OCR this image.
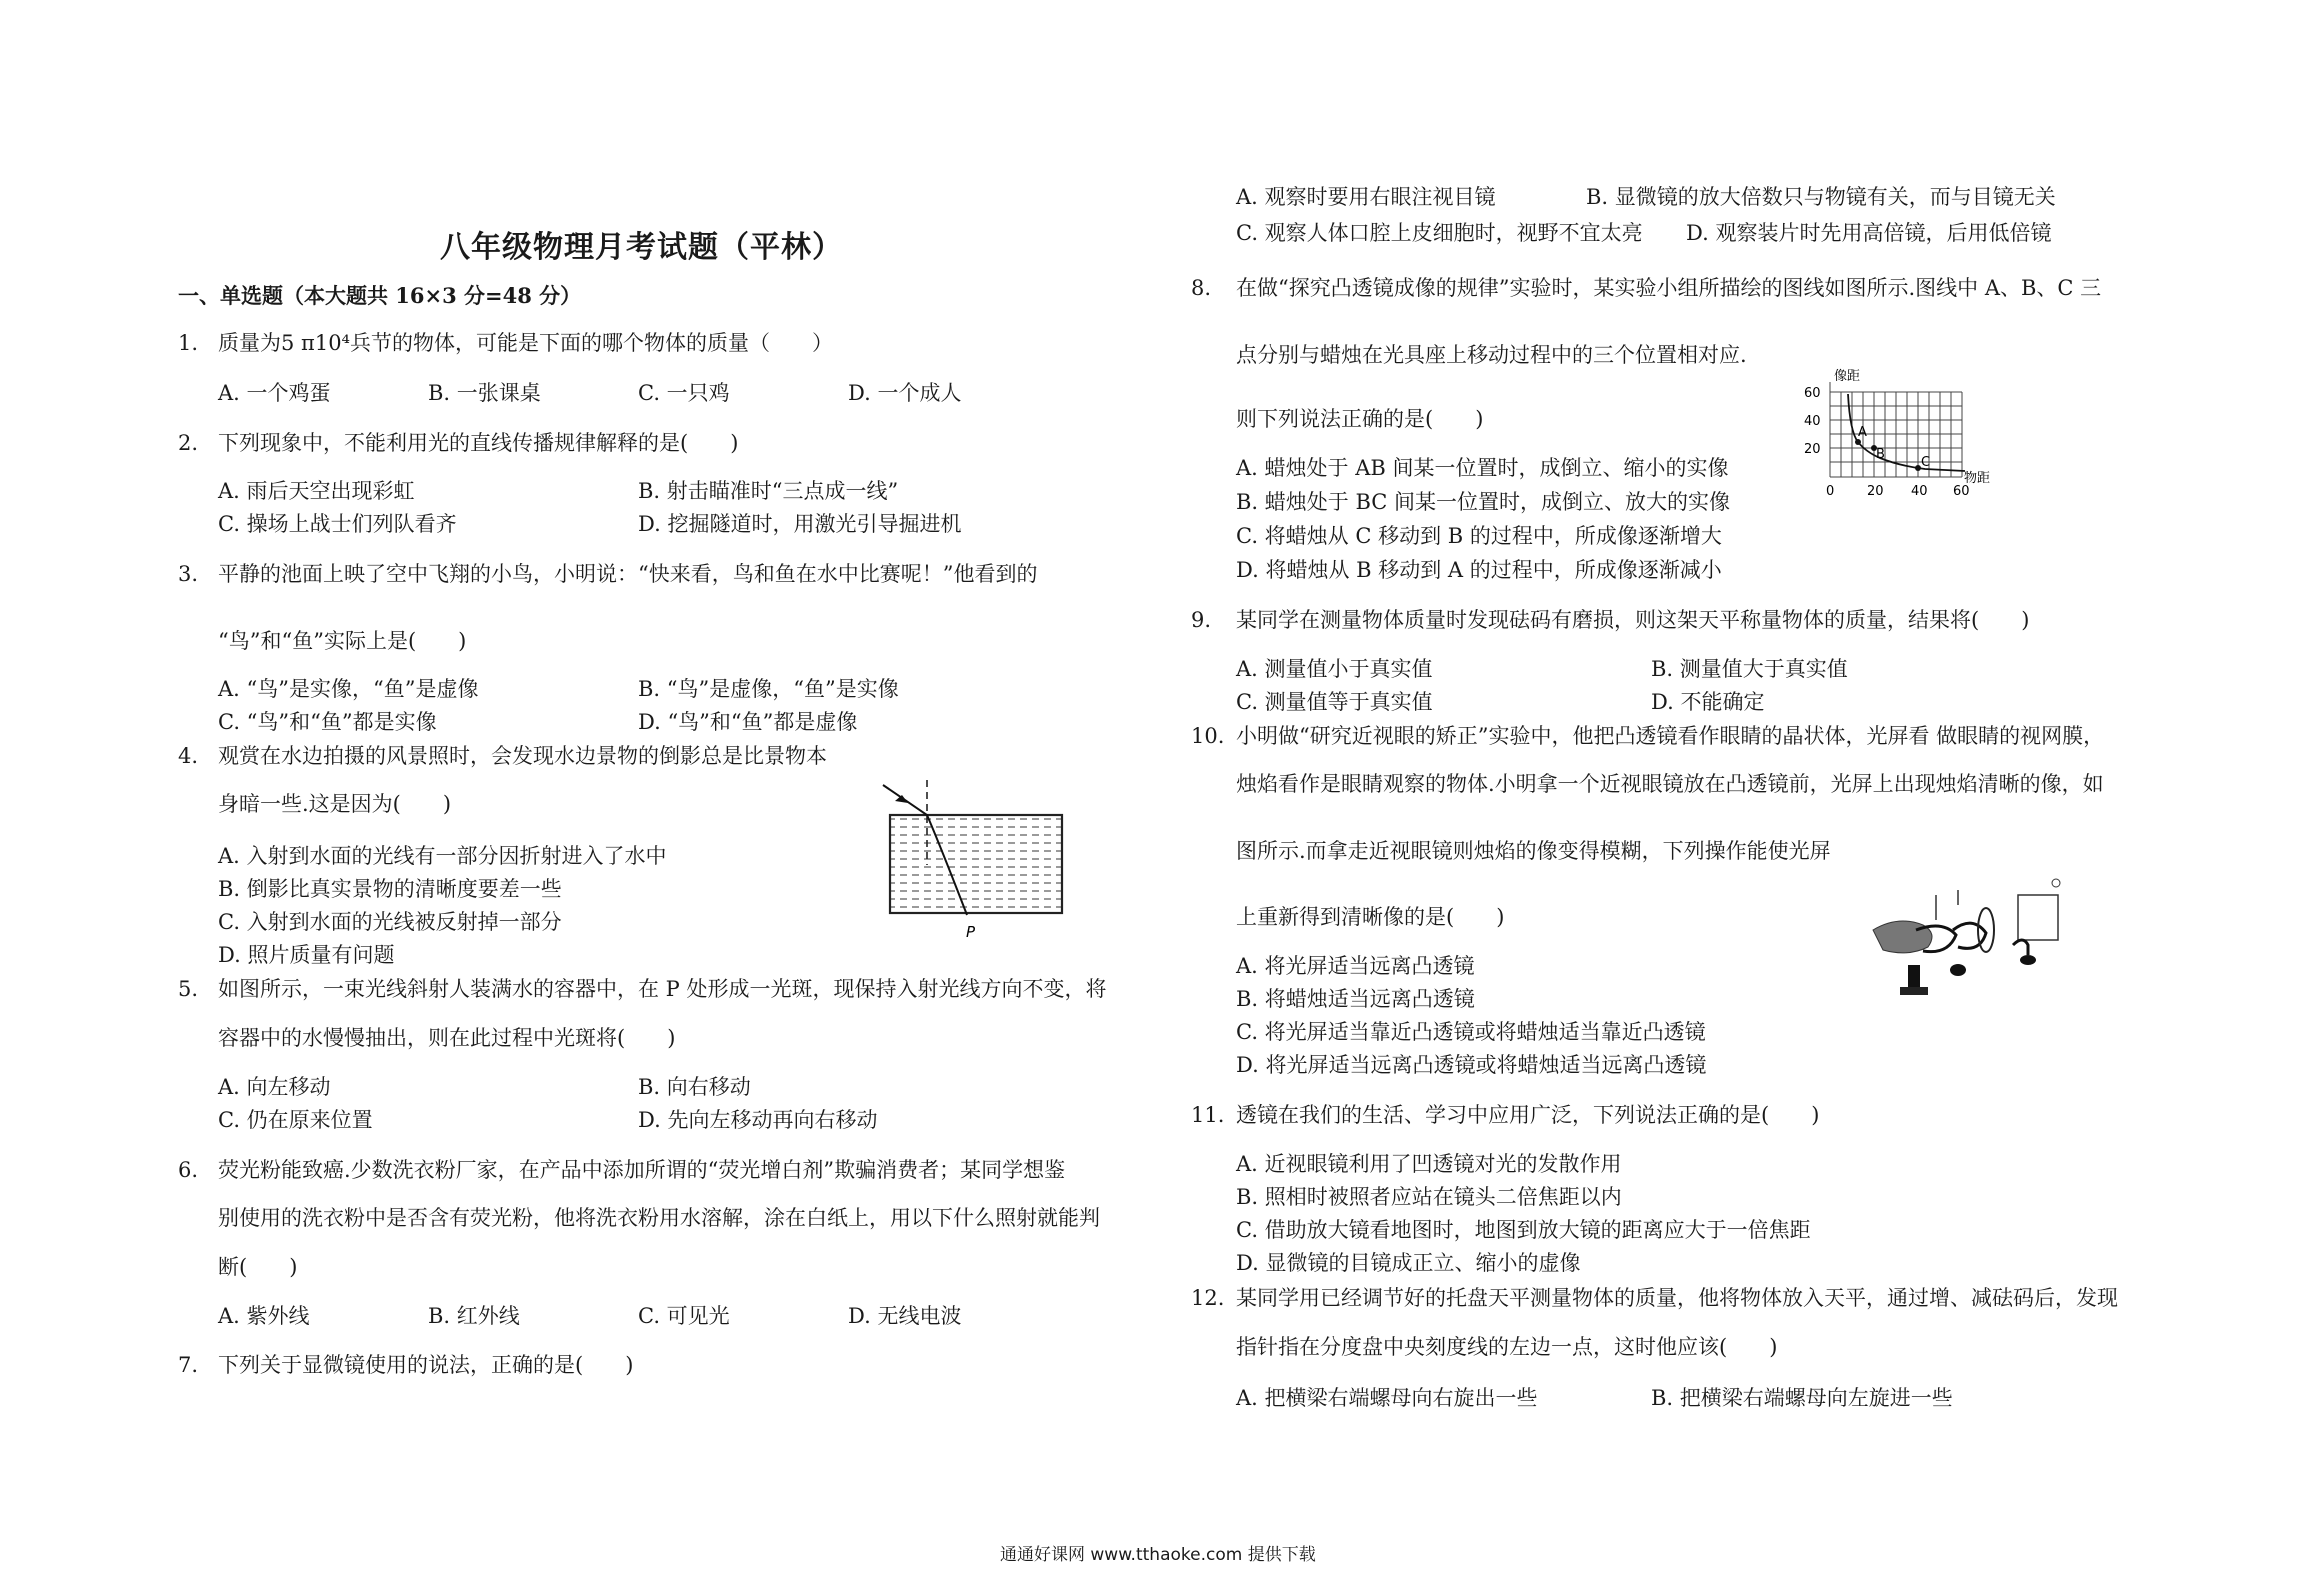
八年级物理月考试题（平林）
一、单选题（本大题共 16×3 分=48 分）
1. 质量为5 π10⁴兵节的物体，可能是下面的哪个物体的质量（　　）
A. 一个鸡蛋	B. 一张课桌	C. 一只鸡	D. 一个成人
2. 下列现象中，不能利用光的直线传播规律解释的是(　　)
A. 雨后天空出现彩虹	B. 射击瞄准时“三点成一线”
C. 操场上战士们列队看齐	D. 挖掘隧道时，用激光引导掘进机
3. 平静的池面上映了空中飞翔的小鸟，小明说：“快来看，鸟和鱼在水中比赛呢！”他看到的
“鸟”和“鱼”实际上是(　　)
A. “鸟”是实像，“鱼”是虚像	B. “鸟”是虚像，“鱼”是实像
C. “鸟”和“鱼”都是实像	D. “鸟”和“鱼”都是虚像
4. 观赏在水边拍摄的风景照时，会发现水边景物的倒影总是比景物本
身暗一些.这是因为(　　)
A. 入射到水面的光线有一部分因折射进入了水中
B. 倒影比真实景物的清晰度要差一些
C. 入射到水面的光线被反射掉一部分
D. 照片质量有问题
P
5. 如图所示，一束光线斜射人装满水的容器中，在 P 处形成一光斑，现保持入射光线方向不变，将
容器中的水慢慢抽出，则在此过程中光斑将(　　)
A. 向左移动	B. 向右移动
C. 仍在原来位置	D. 先向左移动再向右移动
6. 荧光粉能致癌.少数洗衣粉厂家，在产品中添加所谓的“荧光增白剂”欺骗消费者；某同学想鉴
别使用的洗衣粉中是否含有荧光粉，他将洗衣粉用水溶解，涂在白纸上，用以下什么照射就能判
断(　　)
A. 紫外线	B. 红外线	C. 可见光	D. 无线电波
7. 下列关于显微镜使用的说法，正确的是(　　)
A. 观察时要用右眼注视目镜	B. 显微镜的放大倍数只与物镜有关，而与目镜无关
C. 观察人体口腔上皮细胞时，视野不宜太亮 D. 观察装片时先用高倍镜，后用低倍镜
8. 在做“探究凸透镜成像的规律”实验时，某实验小组所描绘的图线如图所示.图线中 A、B、C 三
点分别与蜡烛在光具座上移动过程中的三个位置相对应.
则下列说法正确的是(　　)
A. 蜡烛处于 AB 间某一位置时，成倒立、缩小的实像
B. 蜡烛处于 BC 间某一位置时，成倒立、放大的实像
C. 将蜡烛从 C 移动到 B 的过程中，所成像逐渐增大
D. 将蜡烛从 B 移动到 A 的过程中，所成像逐渐减小
A
B
C
像距
物距
60
40
20
0	20 40 60
9. 某同学在测量物体质量时发现砝码有磨损，则这架天平称量物体的质量，结果将(　　)
A. 测量值小于真实值	B. 测量值大于真实值
C. 测量值等于真实值	D. 不能确定
10. 小明做“研究近视眼的矫正”实验中，他把凸透镜看作眼睛的晶状体，光屏看 做眼睛的视网膜，
烛焰看作是眼睛观察的物体.小明拿一个近视眼镜放在凸透镜前，光屏上出现烛焰清晰的像，如
图所示.而拿走近视眼镜则烛焰的像变得模糊，下列操作能使光屏
上重新得到清晰像的是(　　)
A. 将光屏适当远离凸透镜
B. 将蜡烛适当远离凸透镜
C. 将光屏适当靠近凸透镜或将蜡烛适当靠近凸透镜
D. 将光屏适当远离凸透镜或将蜡烛适当远离凸透镜
11. 透镜在我们的生活、学习中应用广泛，下列说法正确的是(　　)
A. 近视眼镜利用了凹透镜对光的发散作用
B. 照相时被照者应站在镜头二倍焦距以内
C. 借助放大镜看地图时，地图到放大镜的距离应大于一倍焦距
D. 显微镜的目镜成正立、缩小的虚像
12. 某同学用已经调节好的托盘天平测量物体的质量，他将物体放入天平，通过增、减砝码后，发现
指针指在分度盘中央刻度线的左边一点，这时他应该(　　)
A. 把横梁右端螺母向右旋出一些	B. 把横梁右端螺母向左旋进一些
通通好课网 www.tthaoke.com 提供下载
